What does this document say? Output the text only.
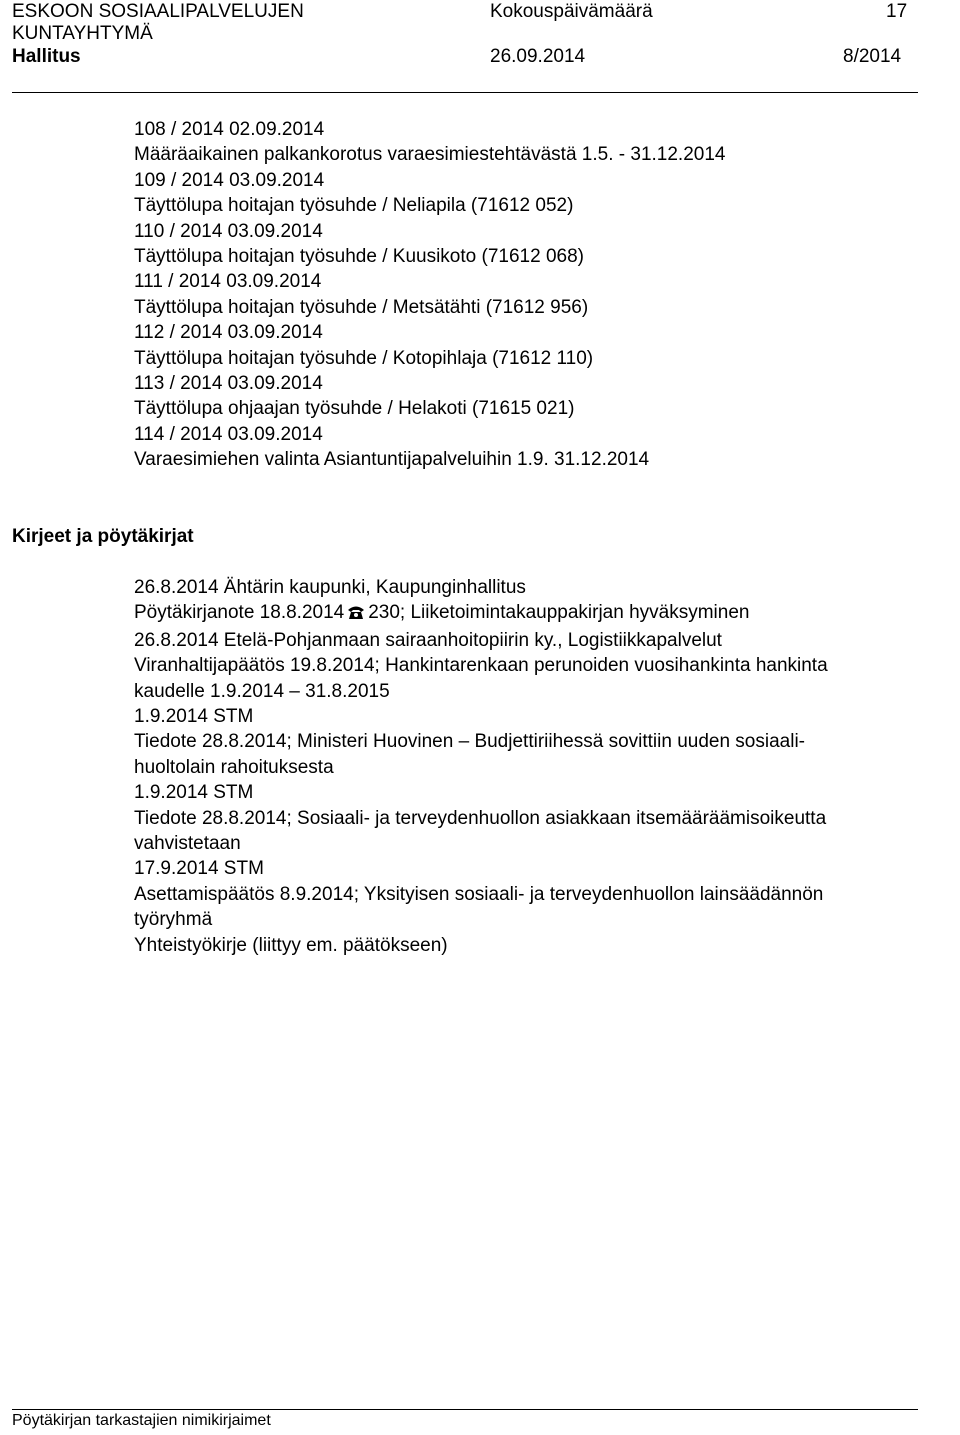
ESKOON SOSIAALIPALVELUJEN
KUNTAYHTYMÄ
Kokouspäivämäärä	17
Hallitus	26.09.2014	8/2014
108 / 2014 02.09.2014
Määräaikainen palkankorotus varaesimiestehtävästä 1.5. - 31.12.2014
109 / 2014 03.09.2014
Täyttölupa hoitajan työsuhde / Neliapila (71612 052)
110 / 2014 03.09.2014
Täyttölupa hoitajan työsuhde / Kuusikoto (71612 068)
111 / 2014 03.09.2014
Täyttölupa hoitajan työsuhde / Metsätähti (71612 956)
112 / 2014 03.09.2014
Täyttölupa hoitajan työsuhde / Kotopihlaja (71612 110)
113 / 2014 03.09.2014
Täyttölupa ohjaajan työsuhde / Helakoti (71615 021)
114 / 2014 03.09.2014
Varaesimiehen valinta Asiantuntijapalveluihin 1.9. 31.12.2014
Kirjeet ja pöytäkirjat
26.8.2014 Ähtärin kaupunki, Kaupunginhallitus
Pöytäkirjanote 18.8.2014 230; Liiketoimintakauppakirjan hyväksyminen
26.8.2014 Etelä-Pohjanmaan sairaanhoitopiirin ky., Logistiikkapalvelut
Viranhaltijapäätös 19.8.2014; Hankintarenkaan perunoiden vuosihankinta hankinta
kaudelle 1.9.2014 – 31.8.2015
1.9.2014 STM
Tiedote 28.8.2014; Ministeri Huovinen – Budjettiriihessä sovittiin uuden sosiaali-
huoltolain rahoituksesta
1.9.2014 STM
Tiedote 28.8.2014; Sosiaali- ja terveydenhuollon asiakkaan itsemääräämisoikeutta
vahvistetaan
17.9.2014 STM
Asettamispäätös 8.9.2014; Yksityisen sosiaali- ja terveydenhuollon lainsäädännön
työryhmä
Yhteistyökirje (liittyy em. päätökseen)
Pöytäkirjan tarkastajien nimikirjaimet
